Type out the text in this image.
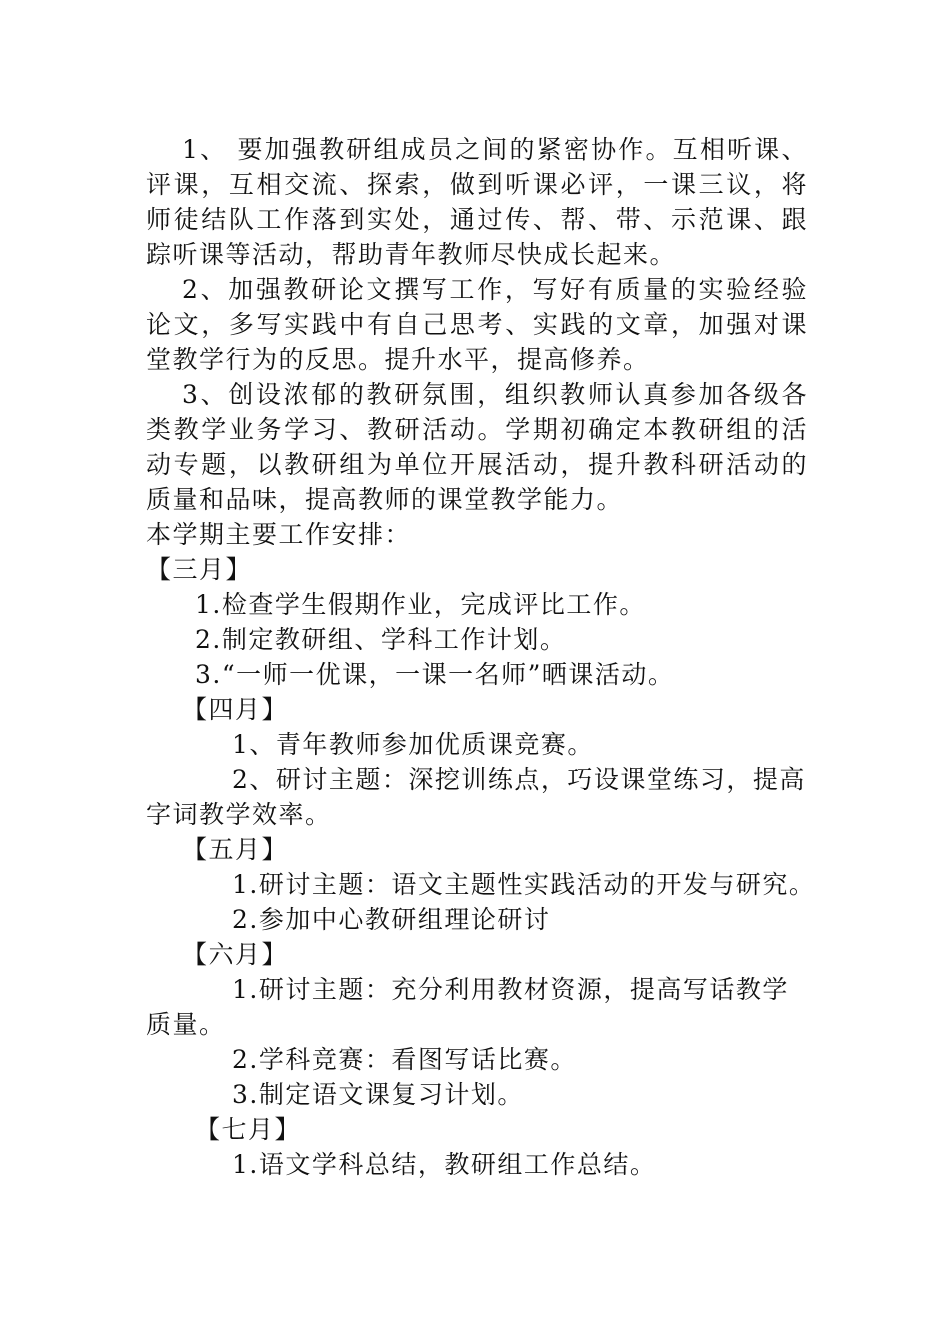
1、 要加强教研组成员之间的紧密协作。互相听课、评课，互相交流、探索，做到听课必评，一课三议，将师徒结队工作落到实处，通过传、帮、带、示范课、跟踪听课等活动，帮助青年教师尽快成长起来。

2、加强教研论文撰写工作，写好有质量的实验经验论文，多写实践中有自己思考、实践的文章，加强对课堂教学行为的反思。提升水平，提高修养。

3、创设浓郁的教研氛围，组织教师认真参加各级各类教学业务学习、教研活动。学期初确定本教研组的活动专题，以教研组为单位开展活动，提升教科研活动的质量和品味，提高教师的课堂教学能力。

本学期主要工作安排：

【三月】

1.检查学生假期作业，完成评比工作。

2.制定教研组、学科工作计划。

3.“一师一优课，一课一名师”晒课活动。

【四月】

1、青年教师参加优质课竞赛。

2、研讨主题：深挖训练点，巧设课堂练习，提高字词教学效率。

【五月】

1.研讨主题：语文主题性实践活动的开发与研究。

2.参加中心教研组理论研讨

【六月】

1.研讨主题：充分利用教材资源，提高写话教学质量。

2.学科竞赛：看图写话比赛。

3.制定语文课复习计划。

【七月】

1.语文学科总结，教研组工作总结。
